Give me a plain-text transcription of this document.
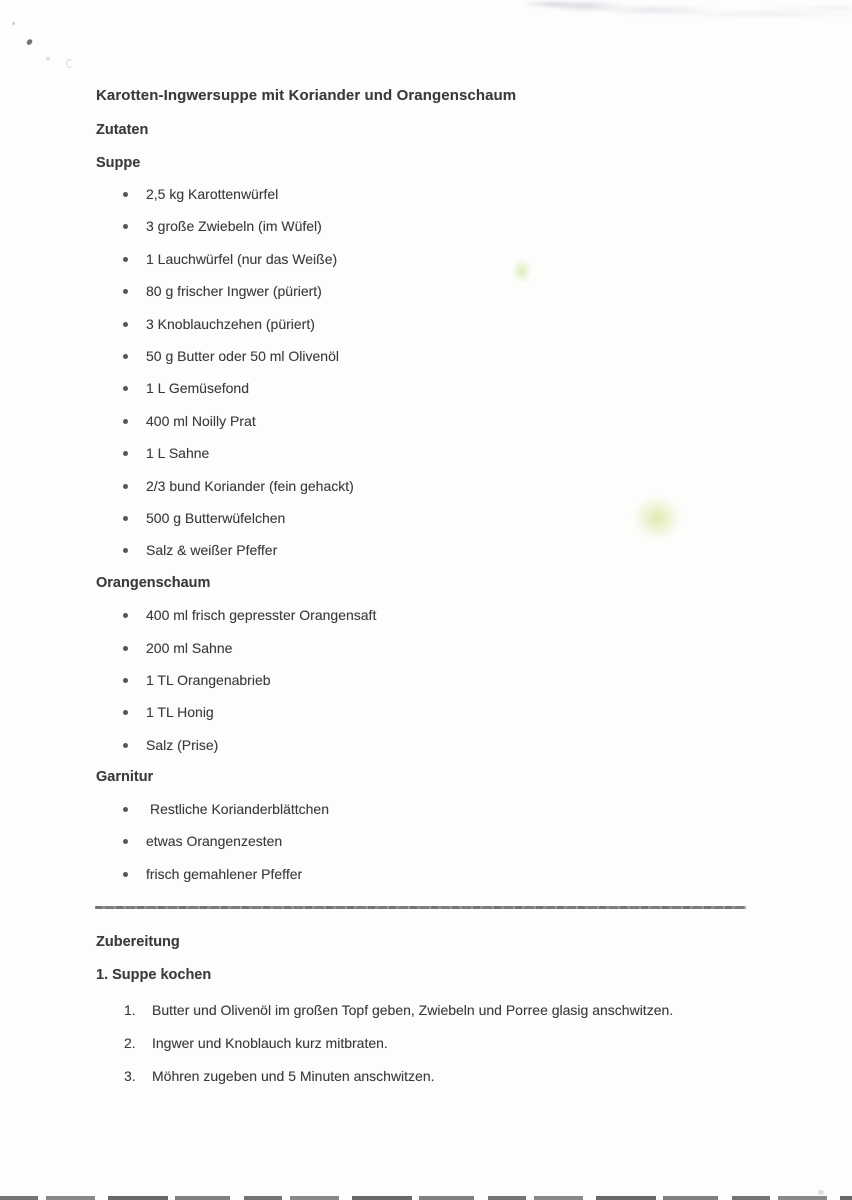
Karotten-Ingwersuppe mit Koriander und Orangenschaum
Zutaten
Suppe
2,5 kg Karottenwürfel
3 große Zwiebeln (im Wüfel)
1 Lauchwürfel (nur das Weiße)
80 g frischer Ingwer (püriert)
3 Knoblauchzehen (püriert)
50 g Butter oder 50 ml Olivenöl
1 L Gemüsefond
400 ml Noilly Prat
1 L Sahne
2/3 bund Koriander (fein gehackt)
500 g Butterwüfelchen
Salz & weißer Pfeffer
Orangenschaum
400 ml frisch gepresster Orangensaft
200 ml Sahne
1 TL Orangenabrieb
1 TL Honig
Salz (Prise)
Garnitur
Restliche Korianderblättchen
etwas Orangenzesten
frisch gemahlener Pfeffer
Zubereitung
1. Suppe kochen
1. Butter und Olivenöl im großen Topf geben, Zwiebeln und Porree glasig anschwitzen.
2. Ingwer und Knoblauch kurz mitbraten.
3. Möhren zugeben und 5 Minuten anschwitzen.
